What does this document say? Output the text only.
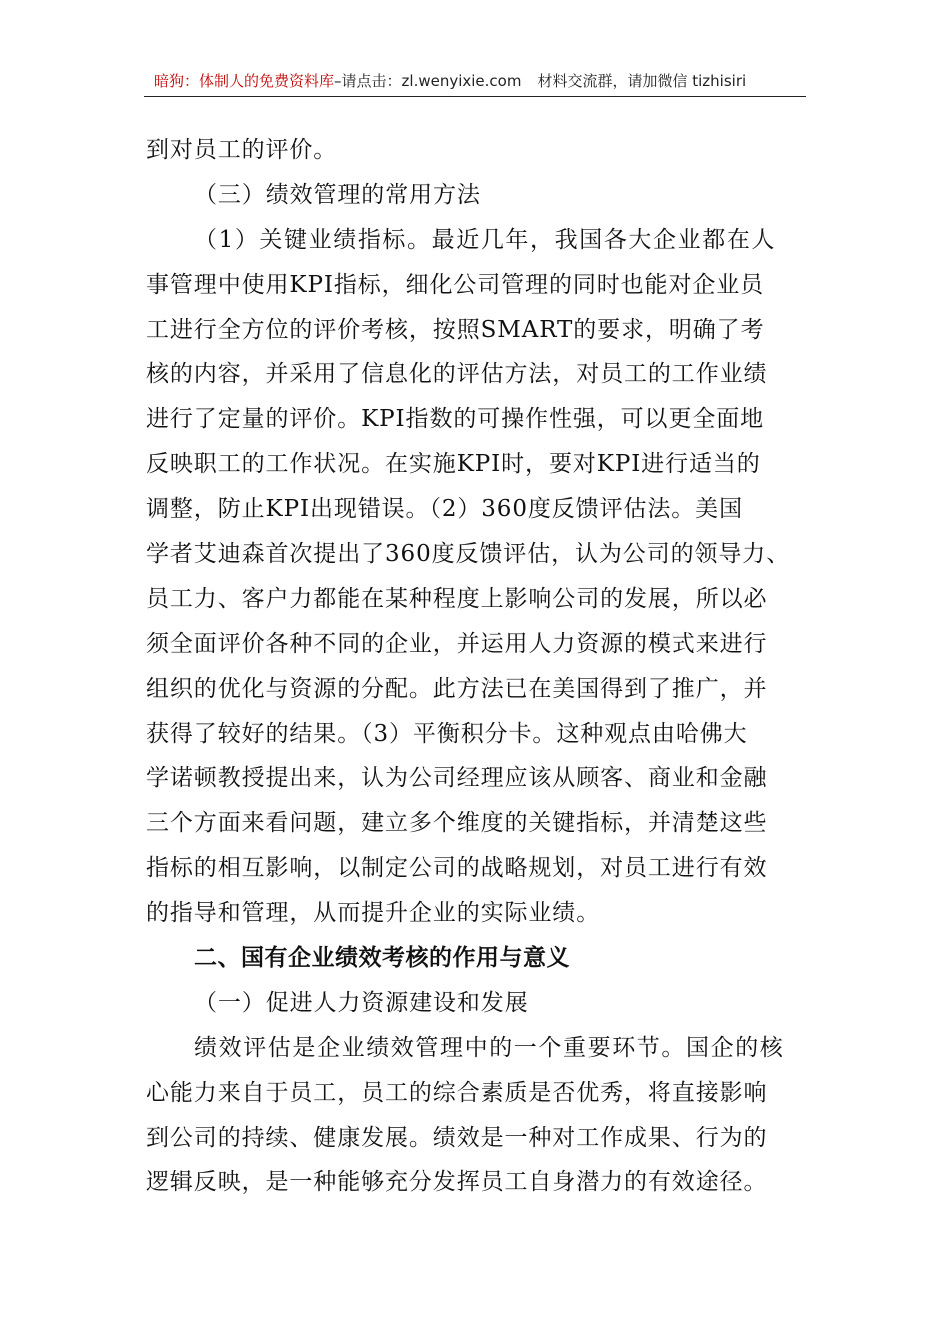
暗狗：体制人的免费资料库–请点击：zl.wenyixie.com 材料交流群，请加微信 tizhisiri
到对员工的评价。
（三）绩效管理的常用方法
（1）关键业绩指标。最近几年，我国各大企业都在人
事管理中使用KPI指标，细化公司管理的同时也能对企业员
工进行全方位的评价考核，按照SMART的要求，明确了考
核的内容，并采用了信息化的评估方法，对员工的工作业绩
进行了定量的评价。KPI指数的可操作性强，可以更全面地
反映职工的工作状况。在实施KPI时，要对KPI进行适当的
调整，防止KPI出现错误。（2）360度反馈评估法。美国
学者艾迪森首次提出了360度反馈评估，认为公司的领导力、
员工力、客户力都能在某种程度上影响公司的发展，所以必
须全面评价各种不同的企业，并运用人力资源的模式来进行
组织的优化与资源的分配。此方法已在美国得到了推广，并
获得了较好的结果。（3）平衡积分卡。这种观点由哈佛大
学诺顿教授提出来，认为公司经理应该从顾客、商业和金融
三个方面来看问题，建立多个维度的关键指标，并清楚这些
指标的相互影响，以制定公司的战略规划，对员工进行有效
的指导和管理，从而提升企业的实际业绩。
二、国有企业绩效考核的作用与意义
（一）促进人力资源建设和发展
绩效评估是企业绩效管理中的一个重要环节。国企的核
心能力来自于员工，员工的综合素质是否优秀，将直接影响
到公司的持续、健康发展。绩效是一种对工作成果、行为的
逻辑反映，是一种能够充分发挥员工自身潜力的有效途径。
